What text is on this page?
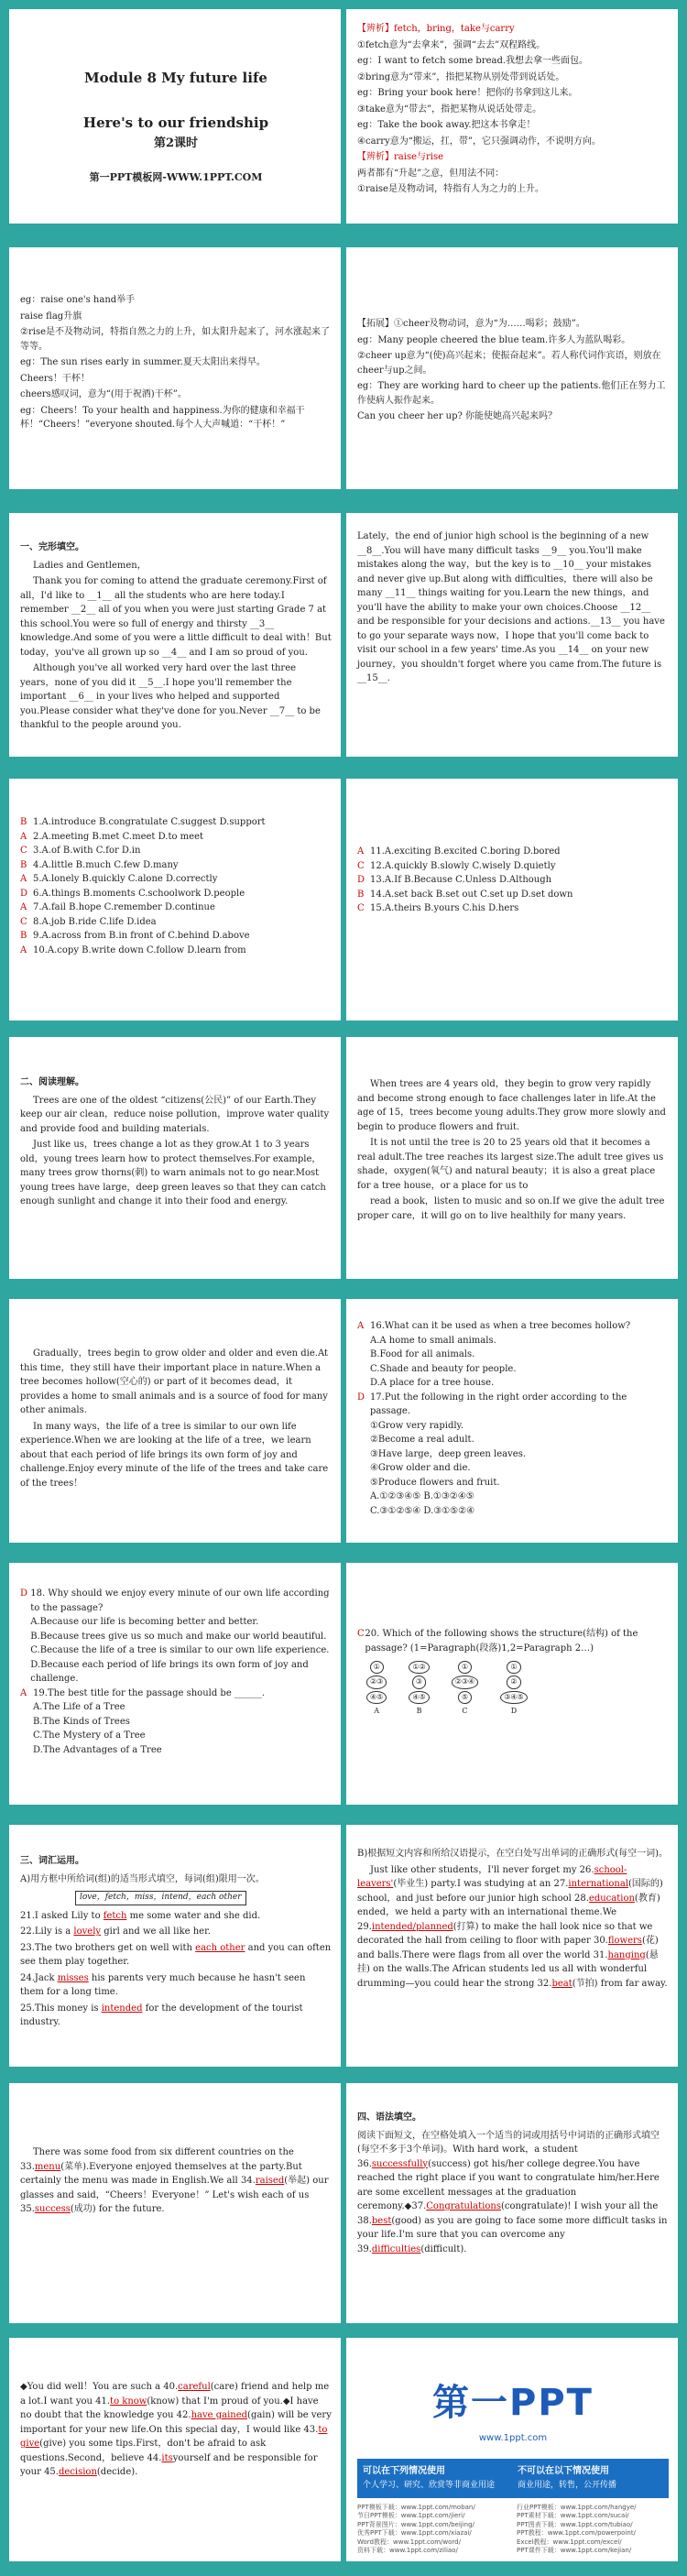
Module 8 My future life
Here's to our friendship
第2课时
第一PPT模板网-WWW.1PPT.COM
【辨析】fetch，bring，take与carry
①fetch意为“去拿来”，强调“去去”双程路线。
eg：I want to fetch some bread.我想去拿一些面包。
②bring意为“带来”，指把某物从别处带到说话处。
eg：Bring your book here！把你的书拿到这儿来。
③take意为“带去”，指把某物从说话处带走。
eg：Take the book away.把这本书拿走！
④carry意为“搬运，扛，带”，它只强调动作，不说明方向。
【辨析】raise与rise
两者都有“升起”之意，但用法不同：
①raise是及物动词，特指有人为之力的上升。
eg：raise one's hand举手
raise flag升旗
②rise是不及物动词，特指自然之力的上升，如太阳升起来了，河水涨起来了等等。
eg：The sun rises early in summer.夏天太阳出来得早。
Cheers！干杯！
cheers感叹词，意为“(用于祝酒)干杯”。
eg：Cheers！To your health and happiness.为你的健康和幸福干杯！“Cheers！”everyone shouted.每个人大声喊道：“干杯！”
【拓展】①cheer及物动词，意为“为……喝彩；鼓励”。
eg：Many people cheered the blue team.许多人为蓝队喝彩。
②cheer up意为“(使)高兴起来；使振奋起来”。若人称代词作宾语，则放在cheer与up之间。
eg：They are working hard to cheer up the patients.他们正在努力工作使病人振作起来。
Can you cheer her up? 你能使她高兴起来吗？
一、完形填空。
Ladies and Gentlemen，
Thank you for coming to attend the graduate ceremony.First of all，I'd like to __1__ all the students who are here today.I remember __2__ all of you when you were just starting Grade 7 at this school.You were so full of energy and thirsty __3__ knowledge.And some of you were a little difficult to deal with！But today，you've all grown up so __4__ and I am so proud of you.
Although you've all worked very hard over the last three years，none of you did it __5__.I hope you'll remember the important __6__ in your lives who helped and supported you.Please consider what they've done for you.Never __7__ to be thankful to the people around you.
Lately，the end of junior high school is the beginning of a new __8__.You will have many difficult tasks __9__ you.You'll make mistakes along the way，but the key is to __10__ your mistakes and never give up.But along with difficulties，there will also be many __11__ things waiting for you.Learn the new things，and you'll have the ability to make your own choices.Choose __12__ and be responsible for your decisions and actions.__13__ you have to go your separate ways now，I hope that you'll come back to visit our school in a few years' time.As you __14__ on your new journey，you shouldn't forget where you came from.The future is __15__.
B 1.A.introduce B.congratulate C.suggest D.support
A 2.A.meeting B.met C.meet D.to meet
C 3.A.of B.with C.for D.in
B 4.A.little B.much C.few D.many
A 5.A.lonely B.quickly C.alone D.correctly
D 6.A.things B.moments C.schoolwork D.people
A 7.A.fail B.hope C.remember D.continue
C 8.A.job B.ride C.life D.idea
B 9.A.across from B.in front of C.behind D.above
A 10.A.copy B.write down C.follow D.learn from
A 11.A.exciting B.excited C.boring D.bored
C 12.A.quickly B.slowly C.wisely D.quietly
D 13.A.If B.Because C.Unless D.Although
B 14.A.set back B.set out C.set up D.set down
C 15.A.theirs B.yours C.his D.hers
二、阅读理解。
Trees are one of the oldest “citizens(公民)” of our Earth.They keep our air clean，reduce noise pollution，improve water quality and provide food and building materials.
Just like us，trees change a lot as they grow.At 1 to 3 years old，young trees learn how to protect themselves.For example，many trees grow thorns(刺) to warn animals not to go near.Most young trees have large，deep green leaves so that they can catch enough sunlight and change it into their food and energy.
When trees are 4 years old，they begin to grow very rapidly and become strong enough to face challenges later in life.At the age of 15，trees become young adults.They grow more slowly and begin to produce flowers and fruit.
It is not until the tree is 20 to 25 years old that it becomes a real adult.The tree reaches its largest size.The adult tree gives us shade，oxygen(氧气) and natural beauty；it is also a great place for a tree house，or a place for us to
read a book，listen to music and so on.If we give the adult tree proper care，it will go on to live healthily for many years.
Gradually，trees begin to grow older and older and even die.At this time，they still have their important place in nature.When a tree becomes hollow(空心的) or part of it becomes dead，it provides a home to small animals and is a source of food for many other animals.
In many ways，the life of a tree is similar to our own life experience.When we are looking at the life of a tree，we learn about that each period of life brings its own form of joy and challenge.Enjoy every minute of the life of the trees and take care of the trees！
A 16.What can it be used as when a tree becomes hollow?
A.A home to small animals.
B.Food for all animals.
C.Shade and beauty for people.
D.A place for a tree house.
D 17.Put the following in the right order according to the passage.
①Grow very rapidly.
②Become a real adult.
③Have large，deep green leaves.
④Grow older and die.
⑤Produce flowers and fruit.
A.①②③④⑤ B.①③②④⑤
C.③①②⑤④ D.③①⑤②④
D 18. Why should we enjoy every minute of our own life according to the passage?
A.Because our life is becoming better and better.
B.Because trees give us so much and make our world beautiful.
C.Because the life of a tree is similar to our own life experience.
D.Because each period of life brings its own form of joy and challenge.
A 19.The best title for the passage should be ______.
A.The Life of a Tree
B.The Kinds of Trees
C.The Mystery of a Tree
D.The Advantages of a Tree
C 20. Which of the following shows the structure(结构) of the passage? (1=Paragraph(段落)1,2=Paragraph 2…)
①
②③
④⑤
A
①②
③
④⑤
B
①
②③④
⑤
C
①
②
③④⑤
D
三、词汇运用。
A)用方框中所给词(组)的适当形式填空，每词(组)限用一次。
love，fetch，miss，intend，each other
21.I asked Lily to fetch me some water and she did.
22.Lily is a lovely girl and we all like her.
23.The two brothers get on well with each other and you can often see them play together.
24.Jack misses his parents very much because he hasn't seen them for a long time.
25.This money is intended for the development of the tourist industry.
B)根据短文内容和所给汉语提示，在空白处写出单词的正确形式(每空一词)。
Just like other students，I'll never forget my 26.school-leavers'(毕业生) party.I was studying at an 27.international(国际的) school，and just before our junior high school 28.education(教育) ended，we held a party with an international theme.We 29.intended/planned(打算) to make the hall look nice so that we decorated the hall from ceiling to floor with paper 30.flowers(花) and balls.There were flags from all over the world 31.hanging(悬挂) on the walls.The African students led us all with wonderful drumming—you could hear the strong 32.beat(节拍) from far away.
There was some food from six different countries on the 33.menu(菜单).Everyone enjoyed themselves at the party.But certainly the menu was made in English.We all 34.raised(举起) our glasses and said，“Cheers！Everyone！” Let's wish each of us 35.success(成功) for the future.
四、语法填空。
阅读下面短文，在空格处填入一个适当的词或用括号中词语的正确形式填空(每空不多于3个单词)。With hard work，a student 36.successfully(success) got his/her college degree.You have reached the right place if you want to congratulate him/her.Here are some excellent messages at the graduation ceremony.◆37.Congratulations(congratulate)! I wish your all the 38.best(good) as you are going to face some more difficult tasks in your life.I'm sure that you can overcome any 39.difficulties(difficult).
◆You did well！You are such a 40.careful(care) friend and help me a lot.I want you 41.to know(know) that I'm proud of you.◆I have no doubt that the knowledge you 42.have gained(gain) will be very important for your new life.On this special day，I would like 43.to give(give) you some tips.First，don't be afraid to ask questions.Second，believe 44.itsyourself and be responsible for your 45.decision(decide).
第一PPT
www.1ppt.com
可以在下列情况使用
个人学习、研究、欣赏等非商业用途
不可以在以下情况使用
商业用途，转售，公开传播
PPT模板下载：www.1ppt.com/moban/
节日PPT模板：www.1ppt.com/jieri/
PPT背景图片：www.1ppt.com/beijing/
优秀PPT下载：www.1ppt.com/xiazai/
Word教程：www.1ppt.com/word/
资料下载：www.1ppt.com/ziliao/
行业PPT模板：www.1ppt.com/hangye/
PPT素材下载：www.1ppt.com/sucai/
PPT图表下载：www.1ppt.com/tubiao/
PPT教程：www.1ppt.com/powerpoint/
Excel教程：www.1ppt.com/excel/
PPT课件下载：www.1ppt.com/kejian/
